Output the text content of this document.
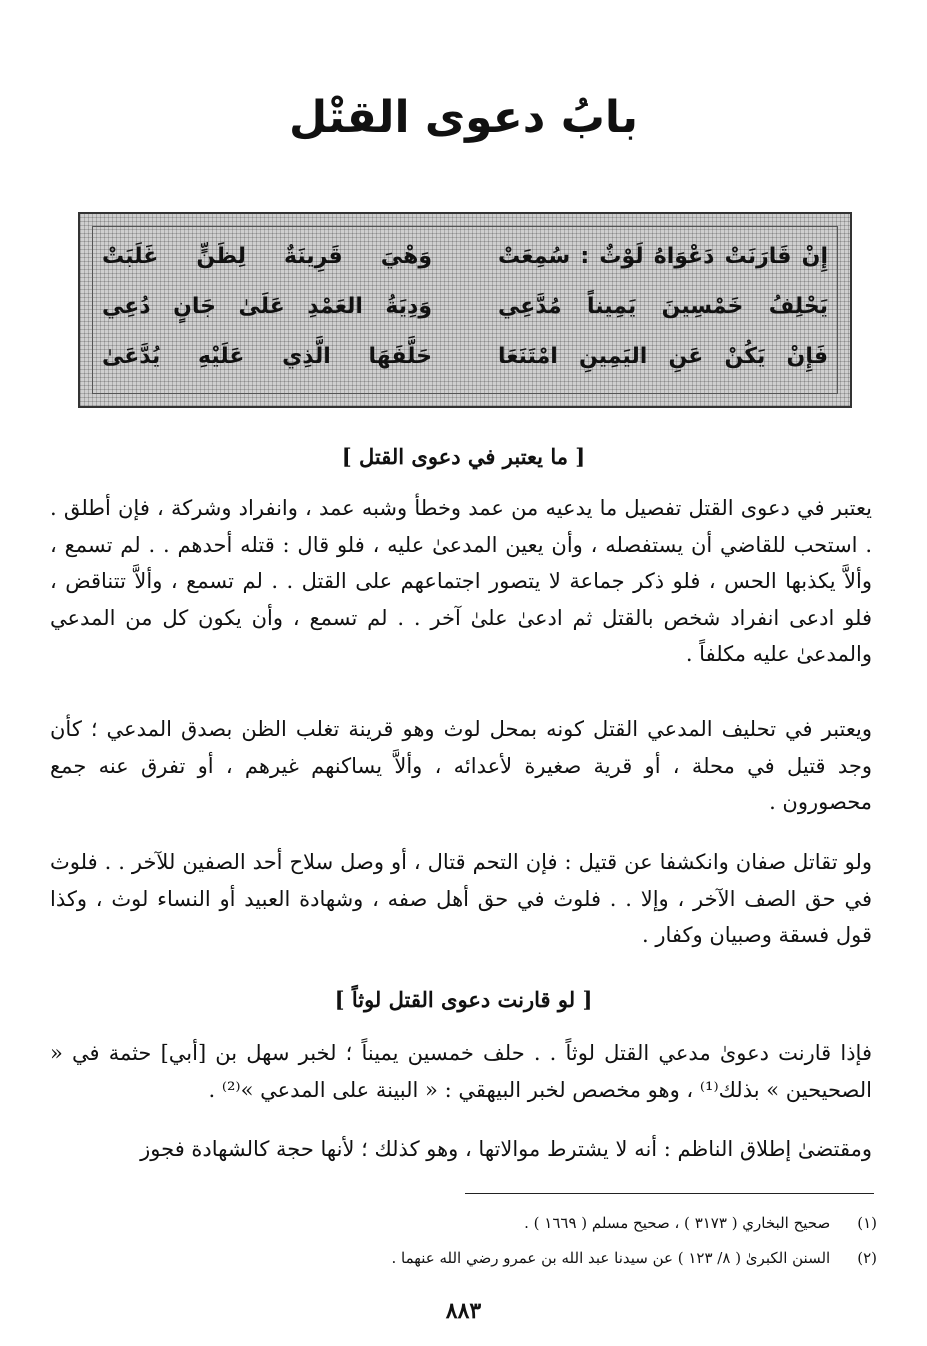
بابُ دعوى القتْل
إِنْ قَارَنَتْ دَعْوَاهُ لَوْثٌ : سُمِعَتْ
وَهْيَ قَرِينَةٌ لِظَنٍّ غَلَبَتْ
يَحْلِفُ خَمْسِينَ يَمِيناً مُدَّعِي
وَدِيَةُ العَمْدِ عَلَىٰ جَانٍ دُعِي
فَإِنْ يَكُنْ عَنِ اليَمِينِ امْتَنَعَا
حَلَّفَهَا الَّذِي عَلَيْهِ يُدَّعَىٰ
[ ما يعتبر في دعوى القتل ]
يعتبر في دعوى القتل تفصيل ما يدعيه من عمد وخطأ وشبه عمد ، وانفراد وشركة ، فإن أطلق . . استحب للقاضي أن يستفصله ، وأن يعين المدعىٰ عليه ، فلو قال : قتله أحدهم . . لم تسمع ، وألاَّ يكذبها الحس ، فلو ذكر جماعة لا يتصور اجتماعهم على القتل . . لم تسمع ، وألاَّ تتناقض ، فلو ادعى انفراد شخص بالقتل ثم ادعىٰ علىٰ آخر . . لم تسمع ، وأن يكون كل من المدعي والمدعىٰ عليه مكلفاً .
ويعتبر في تحليف المدعي القتل كونه بمحل لوث وهو قرينة تغلب الظن بصدق المدعي ؛ كأن وجد قتيل في محلة ، أو قرية صغيرة لأعدائه ، وألاَّ يساكنهم غيرهم ، أو تفرق عنه جمع محصورون .
ولو تقاتل صفان وانكشفا عن قتيل : فإن التحم قتال ، أو وصل سلاح أحد الصفين للآخر . . فلوث في حق الصف الآخر ، وإلا . . فلوث في حق أهل صفه ، وشهادة العبيد أو النساء لوث ، وكذا قول فسقة وصبيان وكفار .
[ لو قارنت دعوى القتل لوثاً ]
فإذا قارنت دعوىٰ مدعي القتل لوثاً . . حلف خمسين يميناً ؛ لخبر سهل بن [أبي] حثمة في « الصحيحين » بذلك⁽¹⁾ ، وهو مخصص لخبر البيهقي : « البينة على المدعي »⁽²⁾ .
ومقتضىٰ إطلاق الناظم : أنه لا يشترط موالاتها ، وهو كذلك ؛ لأنها حجة كالشهادة فجوز
(١) صحيح البخاري ( ٣١٧٣ ) ، صحيح مسلم ( ١٦٦٩ ) .
(٢) السنن الكبرىٰ ( ٨/ ١٢٣ ) عن سيدنا عبد الله بن عمرو رضي الله عنهما .
٨٨٣
